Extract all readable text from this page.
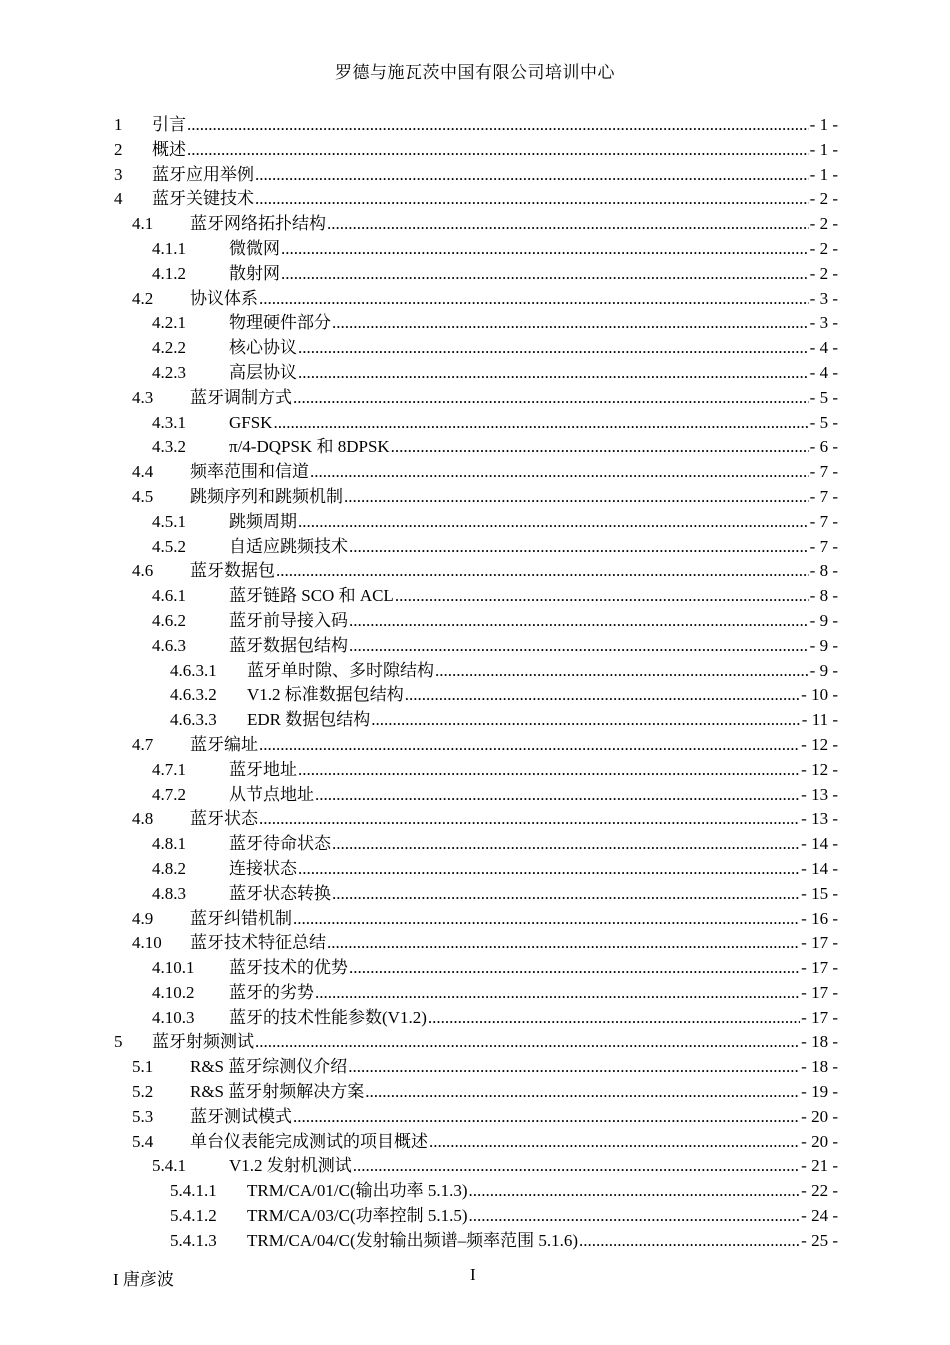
罗德与施瓦茨中国有限公司培训中心
1	引言 .....	- 1 -
2	概述 .....	- 1 -
3	蓝牙应用举例 .....	- 1 -
4	蓝牙关键技术 .....	- 2 -
4.1	蓝牙网络拓扑结构 .....	- 2 -
4.1.1	微微网 .....	- 2 -
4.1.2	散射网 .....	- 2 -
4.2	协议体系 .....	- 3 -
4.2.1	物理硬件部分 .....	- 3 -
4.2.2	核心协议 .....	- 4 -
4.2.3	高层协议 .....	- 4 -
4.3	蓝牙调制方式 .....	- 5 -
4.3.1	GFSK .....	- 5 -
4.3.2	π/4-DQPSK 和 8DPSK .....	- 6 -
4.4	频率范围和信道 .....	- 7 -
4.5	跳频序列和跳频机制 .....	- 7 -
4.5.1	跳频周期 .....	- 7 -
4.5.2	自适应跳频技术 .....	- 7 -
4.6	蓝牙数据包 .....	- 8 -
4.6.1	蓝牙链路 SCO 和 ACL .....	- 8 -
4.6.2	蓝牙前导接入码 .....	- 9 -
4.6.3	蓝牙数据包结构 .....	- 9 -
4.6.3.1	蓝牙单时隙、多时隙结构 .....	- 9 -
4.6.3.2	V1.2 标准数据包结构 .....	- 10 -
4.6.3.3	EDR 数据包结构 .....	- 11 -
4.7	蓝牙编址 .....	- 12 -
4.7.1	蓝牙地址 .....	- 12 -
4.7.2	从节点地址 .....	- 13 -
4.8	蓝牙状态 .....	- 13 -
4.8.1	蓝牙待命状态 .....	- 14 -
4.8.2	连接状态 .....	- 14 -
4.8.3	蓝牙状态转换 .....	- 15 -
4.9	蓝牙纠错机制 .....	- 16 -
4.10	蓝牙技术特征总结 .....	- 17 -
4.10.1	蓝牙技术的优势 .....	- 17 -
4.10.2	蓝牙的劣势 .....	- 17 -
4.10.3	蓝牙的技术性能参数(V1.2) .....	- 17 -
5	蓝牙射频测试 .....	- 18 -
5.1	R&S 蓝牙综测仪介绍 .....	- 18 -
5.2	R&S 蓝牙射频解决方案 .....	- 19 -
5.3	蓝牙测试模式 .....	- 20 -
5.4	单台仪表能完成测试的项目概述 .....	- 20 -
5.4.1	V1.2 发射机测试 .....	- 21 -
5.4.1.1	TRM/CA/01/C(输出功率 5.1.3) .....	- 22 -
5.4.1.2	TRM/CA/03/C(功率控制 5.1.5) .....	- 24 -
5.4.1.3	TRM/CA/04/C(发射输出频谱–频率范围 5.1.6) .....	- 25 -
I 唐彦波	I
